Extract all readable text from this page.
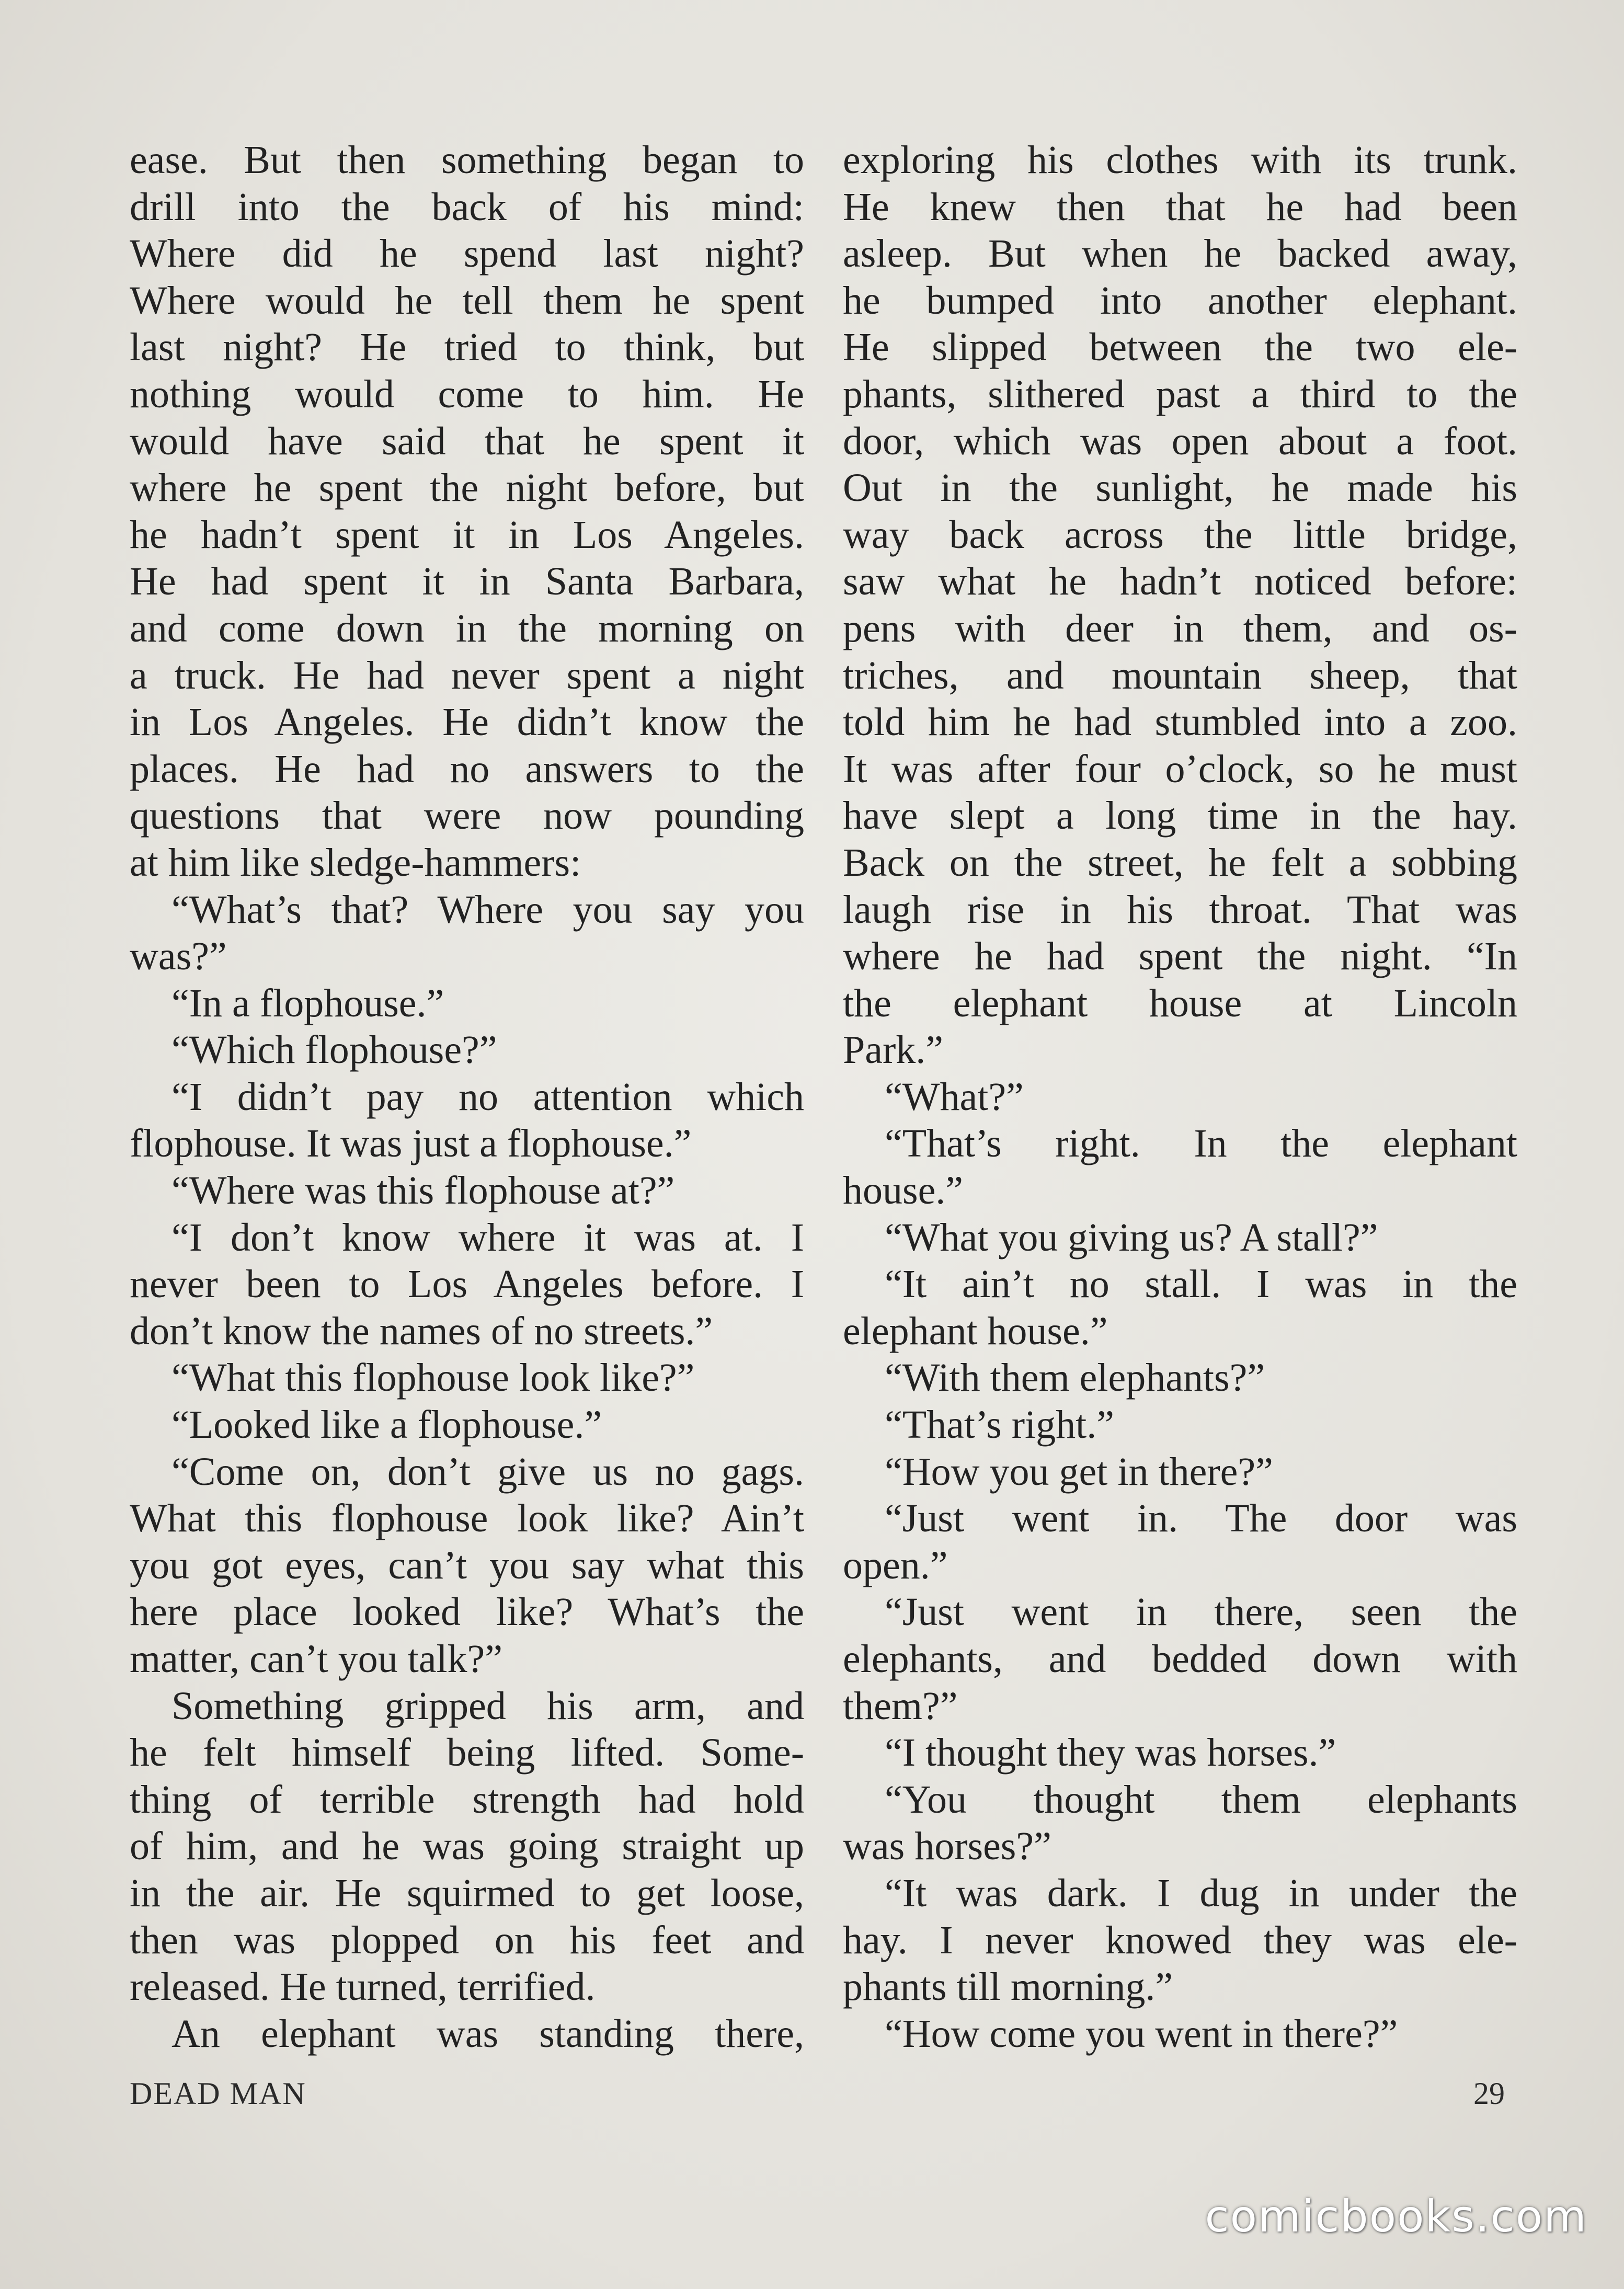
ease. But then something began to
drill into the back of his mind:
Where did he spend last night?
Where would he tell them he spent
last night? He tried to think, but
nothing would come to him. He
would have said that he spent it
where he spent the night before, but
he hadn’t spent it in Los Angeles.
He had spent it in Santa Barbara,
and come down in the morning on
a truck. He had never spent a night
in Los Angeles. He didn’t know the
places. He had no answers to the
questions that were now pounding
at him like sledge-hammers:
“What’s that? Where you say you
was?”
“In a flophouse.”
“Which flophouse?”
“I didn’t pay no attention which
flophouse. It was just a flophouse.”
“Where was this flophouse at?”
“I don’t know where it was at. I
never been to Los Angeles before. I
don’t know the names of no streets.”
“What this flophouse look like?”
“Looked like a flophouse.”
“Come on, don’t give us no gags.
What this flophouse look like? Ain’t
you got eyes, can’t you say what this
here place looked like? What’s the
matter, can’t you talk?”
Something gripped his arm, and
he felt himself being lifted. Some-
thing of terrible strength had hold
of him, and he was going straight up
in the air. He squirmed to get loose,
then was plopped on his feet and
released. He turned, terrified.
An elephant was standing there,
exploring his clothes with its trunk.
He knew then that he had been
asleep. But when he backed away,
he bumped into another elephant.
He slipped between the two ele-
phants, slithered past a third to the
door, which was open about a foot.
Out in the sunlight, he made his
way back across the little bridge,
saw what he hadn’t noticed before:
pens with deer in them, and os-
triches, and mountain sheep, that
told him he had stumbled into a zoo.
It was after four o’clock, so he must
have slept a long time in the hay.
Back on the street, he felt a sobbing
laugh rise in his throat. That was
where he had spent the night. “In
the elephant house at Lincoln
Park.”
“What?”
“That’s right. In the elephant
house.”
“What you giving us? A stall?”
“It ain’t no stall. I was in the
elephant house.”
“With them elephants?”
“That’s right.”
“How you get in there?”
“Just went in. The door was
open.”
“Just went in there, seen the
elephants, and bedded down with
them?”
“I thought they was horses.”
“You thought them elephants
was horses?”
“It was dark. I dug in under the
hay. I never knowed they was ele-
phants till morning.”
“How come you went in there?”
DEAD MAN	29
comicbooks.com
